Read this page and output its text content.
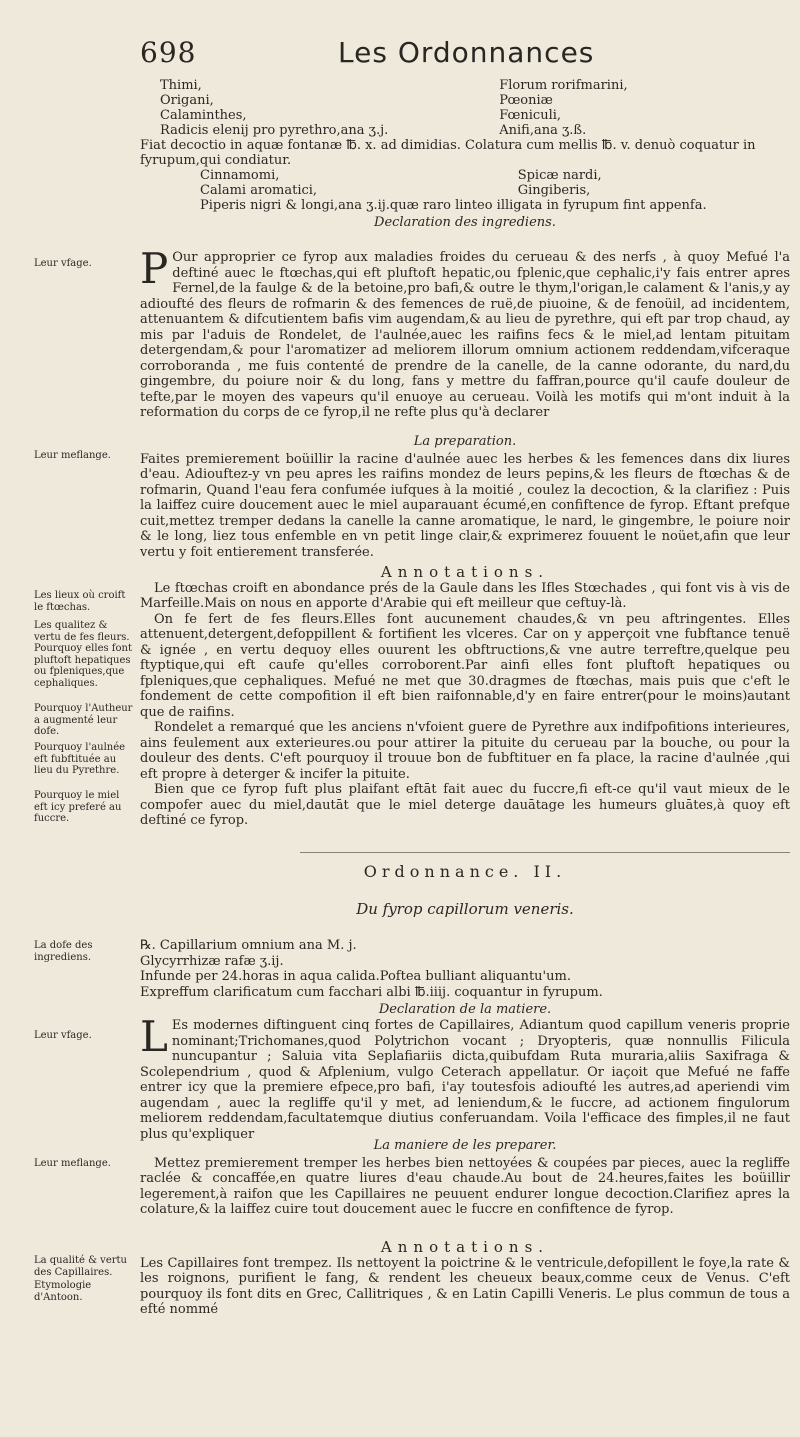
698	Les Ordonnances
Thimi,	Florum rorifmarini,
Origani,	Pœoniæ
Calaminthes,	Fœniculi,
Radicis elenij pro pyrethro,ana ʒ.j.	Anifi,ana ʒ.ß.
Fiat decoctio in aquæ fontanæ ℔. x. ad dimidias. Colatura cum mellis ℔. v. denuò coquatur in fyrupum,qui condiatur.
Cinnamomi,	Spicæ nardi,
Calami aromatici,	Gingiberis,
Piperis nigri & longi,ana ʒ.ij.quæ raro linteo illigata in fyrupum fint appenfa.
Declaration des ingrediens.

P Our approprier ce fyrop aux maladies froides du cerueau & des nerfs , à quoy Mefué l'a deftiné auec le ftœchas,qui eft pluftoft hepatic,ou fplenic,que cephalic,i'y fais entrer apres Fernel,de la faulge & de la betoine,pro bafi,& outre le thym,l'origan,le calament & l'anis,y ay adioufté des fleurs de rofmarin & des femences de ruë,de piuoine, & de fenoüil, ad incidentem, attenuantem & difcutientem bafis vim augendam,& au lieu de pyrethre, qui eft par trop chaud, ay mis par l'aduis de Rondelet, de l'aulnée,auec les raifins fecs & le miel,ad lentam pituitam detergendam,& pour l'aromatizer ad meliorem illorum omnium actionem reddendam,vifceraque corroboranda , me fuis contenté de prendre de la canelle, de la canne odorante, du nard,du gingembre, du poiure noir & du long, fans y mettre du faffran,pource qu'il caufe douleur de tefte,par le moyen des vapeurs qu'il enuoye au cerueau. Voilà les motifs qui m'ont induit à la reformation du corps de ce fyrop,il ne refte plus qu'à declarer

La preparation.

Faites premierement boüillir la racine d'aulnée auec les herbes & les femences dans dix liures d'eau. Adiouftez-y vn peu apres les raifins mondez de leurs pepins,& les fleurs de ftœchas & de rofmarin, Quand l'eau fera confumée iufques à la moitié , coulez la decoction, & la clarifiez : Puis la laiffez cuire doucement auec le miel auparauant écumé,en confiftence de fyrop. Eftant prefque cuit,mettez tremper dedans la canelle la canne aromatique, le nard, le gingembre, le poiure noir & le long, liez tous enfemble en vn petit linge clair,& exprimerez fouuent le noüet,afin que leur vertu y foit entierement transferée.

Annotations.

Le ftœchas croift en abondance prés de la Gaule dans les Ifles Stœchades , qui font vis à vis de Marfeille.Mais on nous en apporte d'Arabie qui eft meilleur que ceftuy-là.

On fe fert de fes fleurs.Elles font aucunement chaudes,& vn peu aftringentes. Elles attenuent,detergent,defoppillent & fortifient les vlceres. Car on y apperçoit vne fubftance tenuë & ignée , en vertu dequoy elles ouurent les obftructions,& vne autre terreftre,quelque peu ftyptique,qui eft caufe qu'elles corroborent.Par ainfi elles font pluftoft hepatiques ou fpleniques,que cephaliques. Mefué ne met que 30.dragmes de ftœchas, mais puis que c'eft le fondement de cette compofition il eft bien raifonnable,d'y en faire entrer(pour le moins)autant que de raifins.

Rondelet a remarqué que les anciens n'vfoient guere de Pyrethre aux indifpofitions interieures, ains feulement aux exterieures.ou pour attirer la pituite du cerueau par la bouche, ou pour la douleur des dents. C'eft pourquoy il trouue bon de fubftituer en fa place, la racine d'aulnée ,qui eft propre à deterger & incifer la pituite.

Bien que ce fyrop fuft plus plaifant eftāt fait auec du fuccre,fi eft-ce qu'il vaut mieux de le compofer auec du miel,dautāt que le miel deterge dauātage les humeurs gluātes,à quoy eft deftiné ce fyrop.

Ordonnance. II.
Du fyrop capillorum veneris.
℞. Capillarium omnium ana M. j.
Glycyrrhizæ rafæ ʒ.ij.
Infunde per 24.horas in aqua calida.Poftea bulliant aliquantu'um.
Expreffum clarificatum cum facchari albi ℔.iiij. coquantur in fyrupum.
Declaration de la matiere.

L Es modernes diftinguent cinq fortes de Capillaires, Adiantum quod capillum veneris proprie nominant;Trichomanes,quod Polytrichon vocant ; Dryopteris, quæ nonnullis Filicula nuncupantur ; Saluia vita Seplafiariis dicta,quibufdam Ruta muraria,aliis Saxifraga & Scolependrium , quod & Afplenium, vulgo Ceterach appellatur. Or iaçoit que Mefué ne faffe entrer icy que la premiere efpece,pro bafi, i'ay toutesfois adioufté les autres,ad aperiendi vim augendam , auec la regliffe qu'il y met, ad leniendum,& le fuccre, ad actionem fingulorum meliorem reddendam,facultatemque diutius conferuandam. Voila l'efficace des fimples,il ne faut plus qu'expliquer

La maniere de les preparer.

Mettez premierement tremper les herbes bien nettoyées & coupées par pieces, auec la regliffe raclée & concaffée,en quatre liures d'eau chaude.Au bout de 24.heures,faites les boüillir legerement,à raifon que les Capillaires ne peuuent endurer longue decoction.Clarifiez apres la colature,& la laiffez cuire tout doucement auec le fuccre en confiftence de fyrop.

Annotations.

Les Capillaires font trempez. Ils nettoyent la poictrine & le ventricule,defopillent le foye,la rate & les roignons, purifient le fang, & rendent les cheueux beaux,comme ceux de Venus. C'eft pourquoy ils font dits en Grec, Callitriques , & en Latin Capilli Veneris. Le plus commun de tous a efté nommé

Leur vfage.
Leur meflange.
Les lieux où croift le ftœchas.
Les qualitez & vertu de fes fleurs.
Pourquoy elles font pluftoft hepatiques ou fpleniques,que cephaliques.
Pourquoy l'Autheur a augmenté leur dofe.
Pourquoy l'aulnée eft fubftituée au lieu du Pyrethre.
Pourquoy le miel eft icy preferé au fuccre.
La dofe des ingrediens.
Leur vfage.
Leur meflange.
La qualité & vertu des Capillaires.
Etymologie d'Antoon.
